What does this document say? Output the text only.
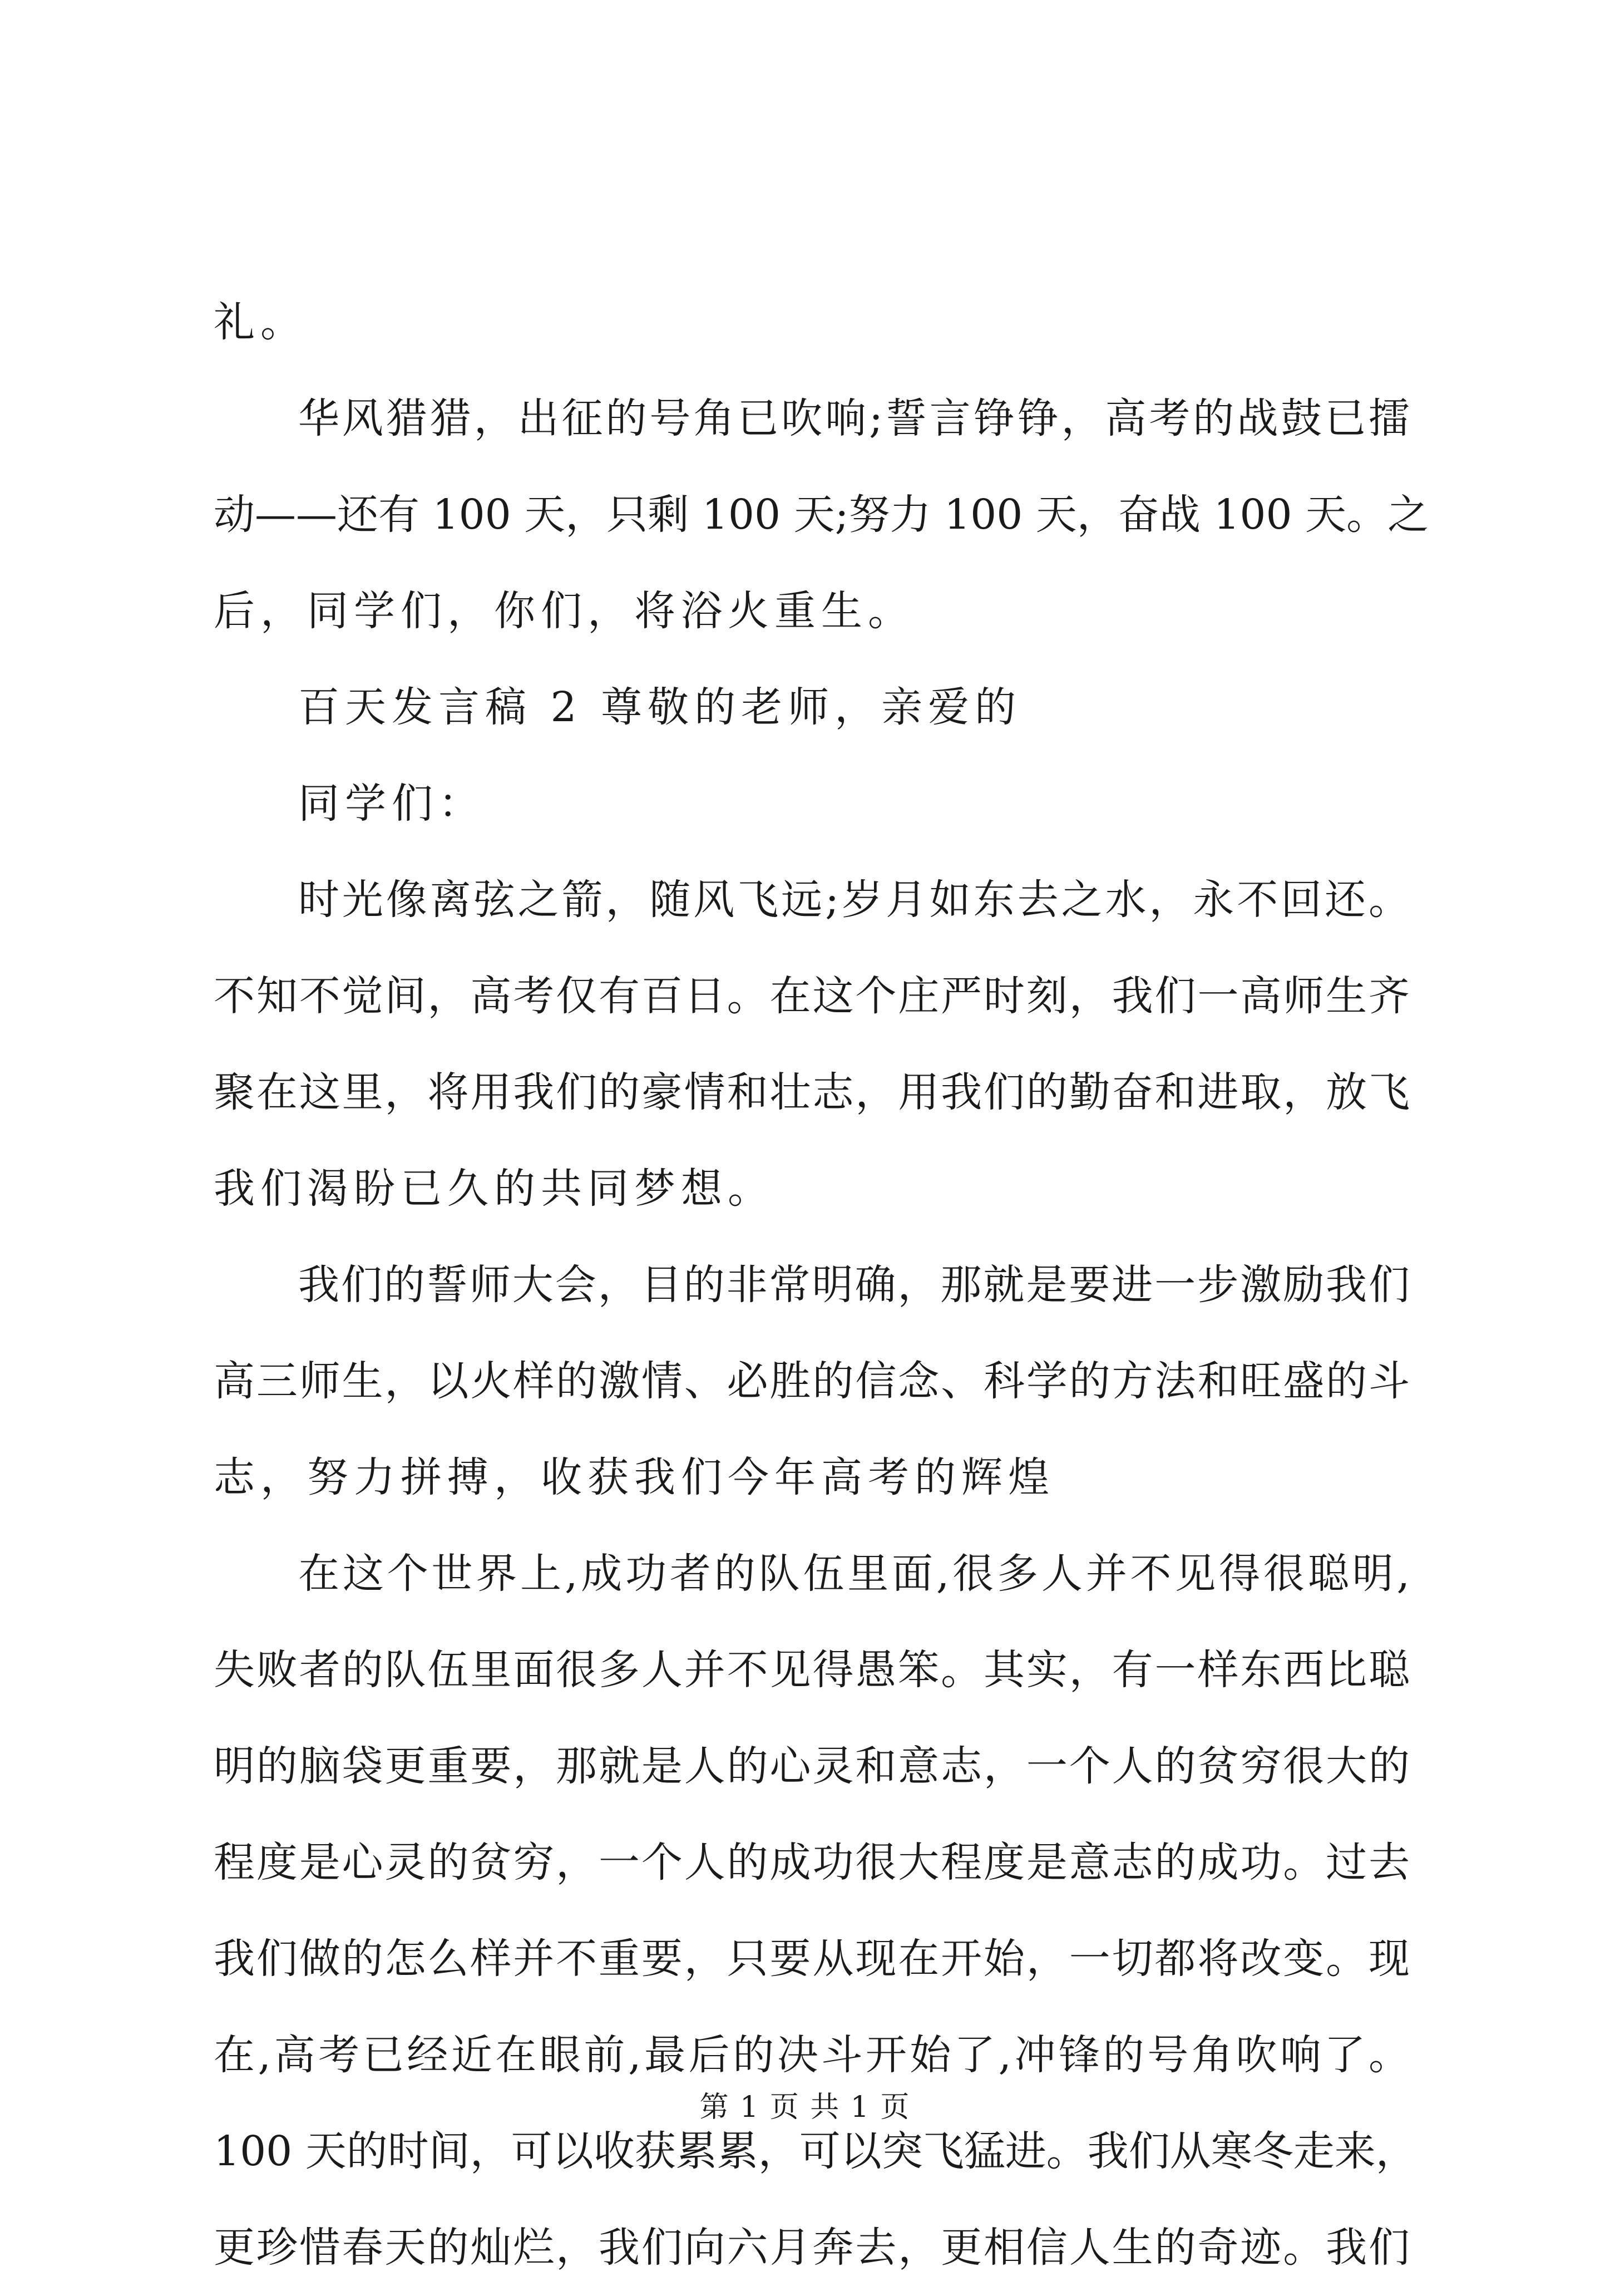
礼。
华风猎猎，出征的号角已吹响;誓言铮铮，高考的战鼓已擂
动——还有 100 天，只剩 100 天;努力 100 天，奋战 100 天。之
后，同学们，你们，将浴火重生。
百天发言稿 2 尊敬的老师，亲爱的
同学们：
时光像离弦之箭，随风飞远;岁月如东去之水，永不回还。
不知不觉间，高考仅有百日。在这个庄严时刻，我们一高师生齐
聚在这里，将用我们的豪情和壮志，用我们的勤奋和进取，放飞
我们渴盼已久的共同梦想。
我们的誓师大会，目的非常明确，那就是要进一步激励我们
高三师生，以火样的激情、必胜的信念、科学的方法和旺盛的斗
志，努力拼搏，收获我们今年高考的辉煌
在这个世界上,成功者的队伍里面,很多人并不见得很聪明,
失败者的队伍里面很多人并不见得愚笨。其实，有一样东西比聪
明的脑袋更重要，那就是人的心灵和意志，一个人的贫穷很大的
程度是心灵的贫穷，一个人的成功很大程度是意志的成功。过去
我们做的怎么样并不重要，只要从现在开始，一切都将改变。现
在,高考已经近在眼前,最后的决斗开始了,冲锋的号角吹响了。
100 天的时间，可以收获累累，可以突飞猛进。我们从寒冬走来，
更珍惜春天的灿烂，我们向六月奔去，更相信人生的奇迹。我们
第 1 页 共 1 页
